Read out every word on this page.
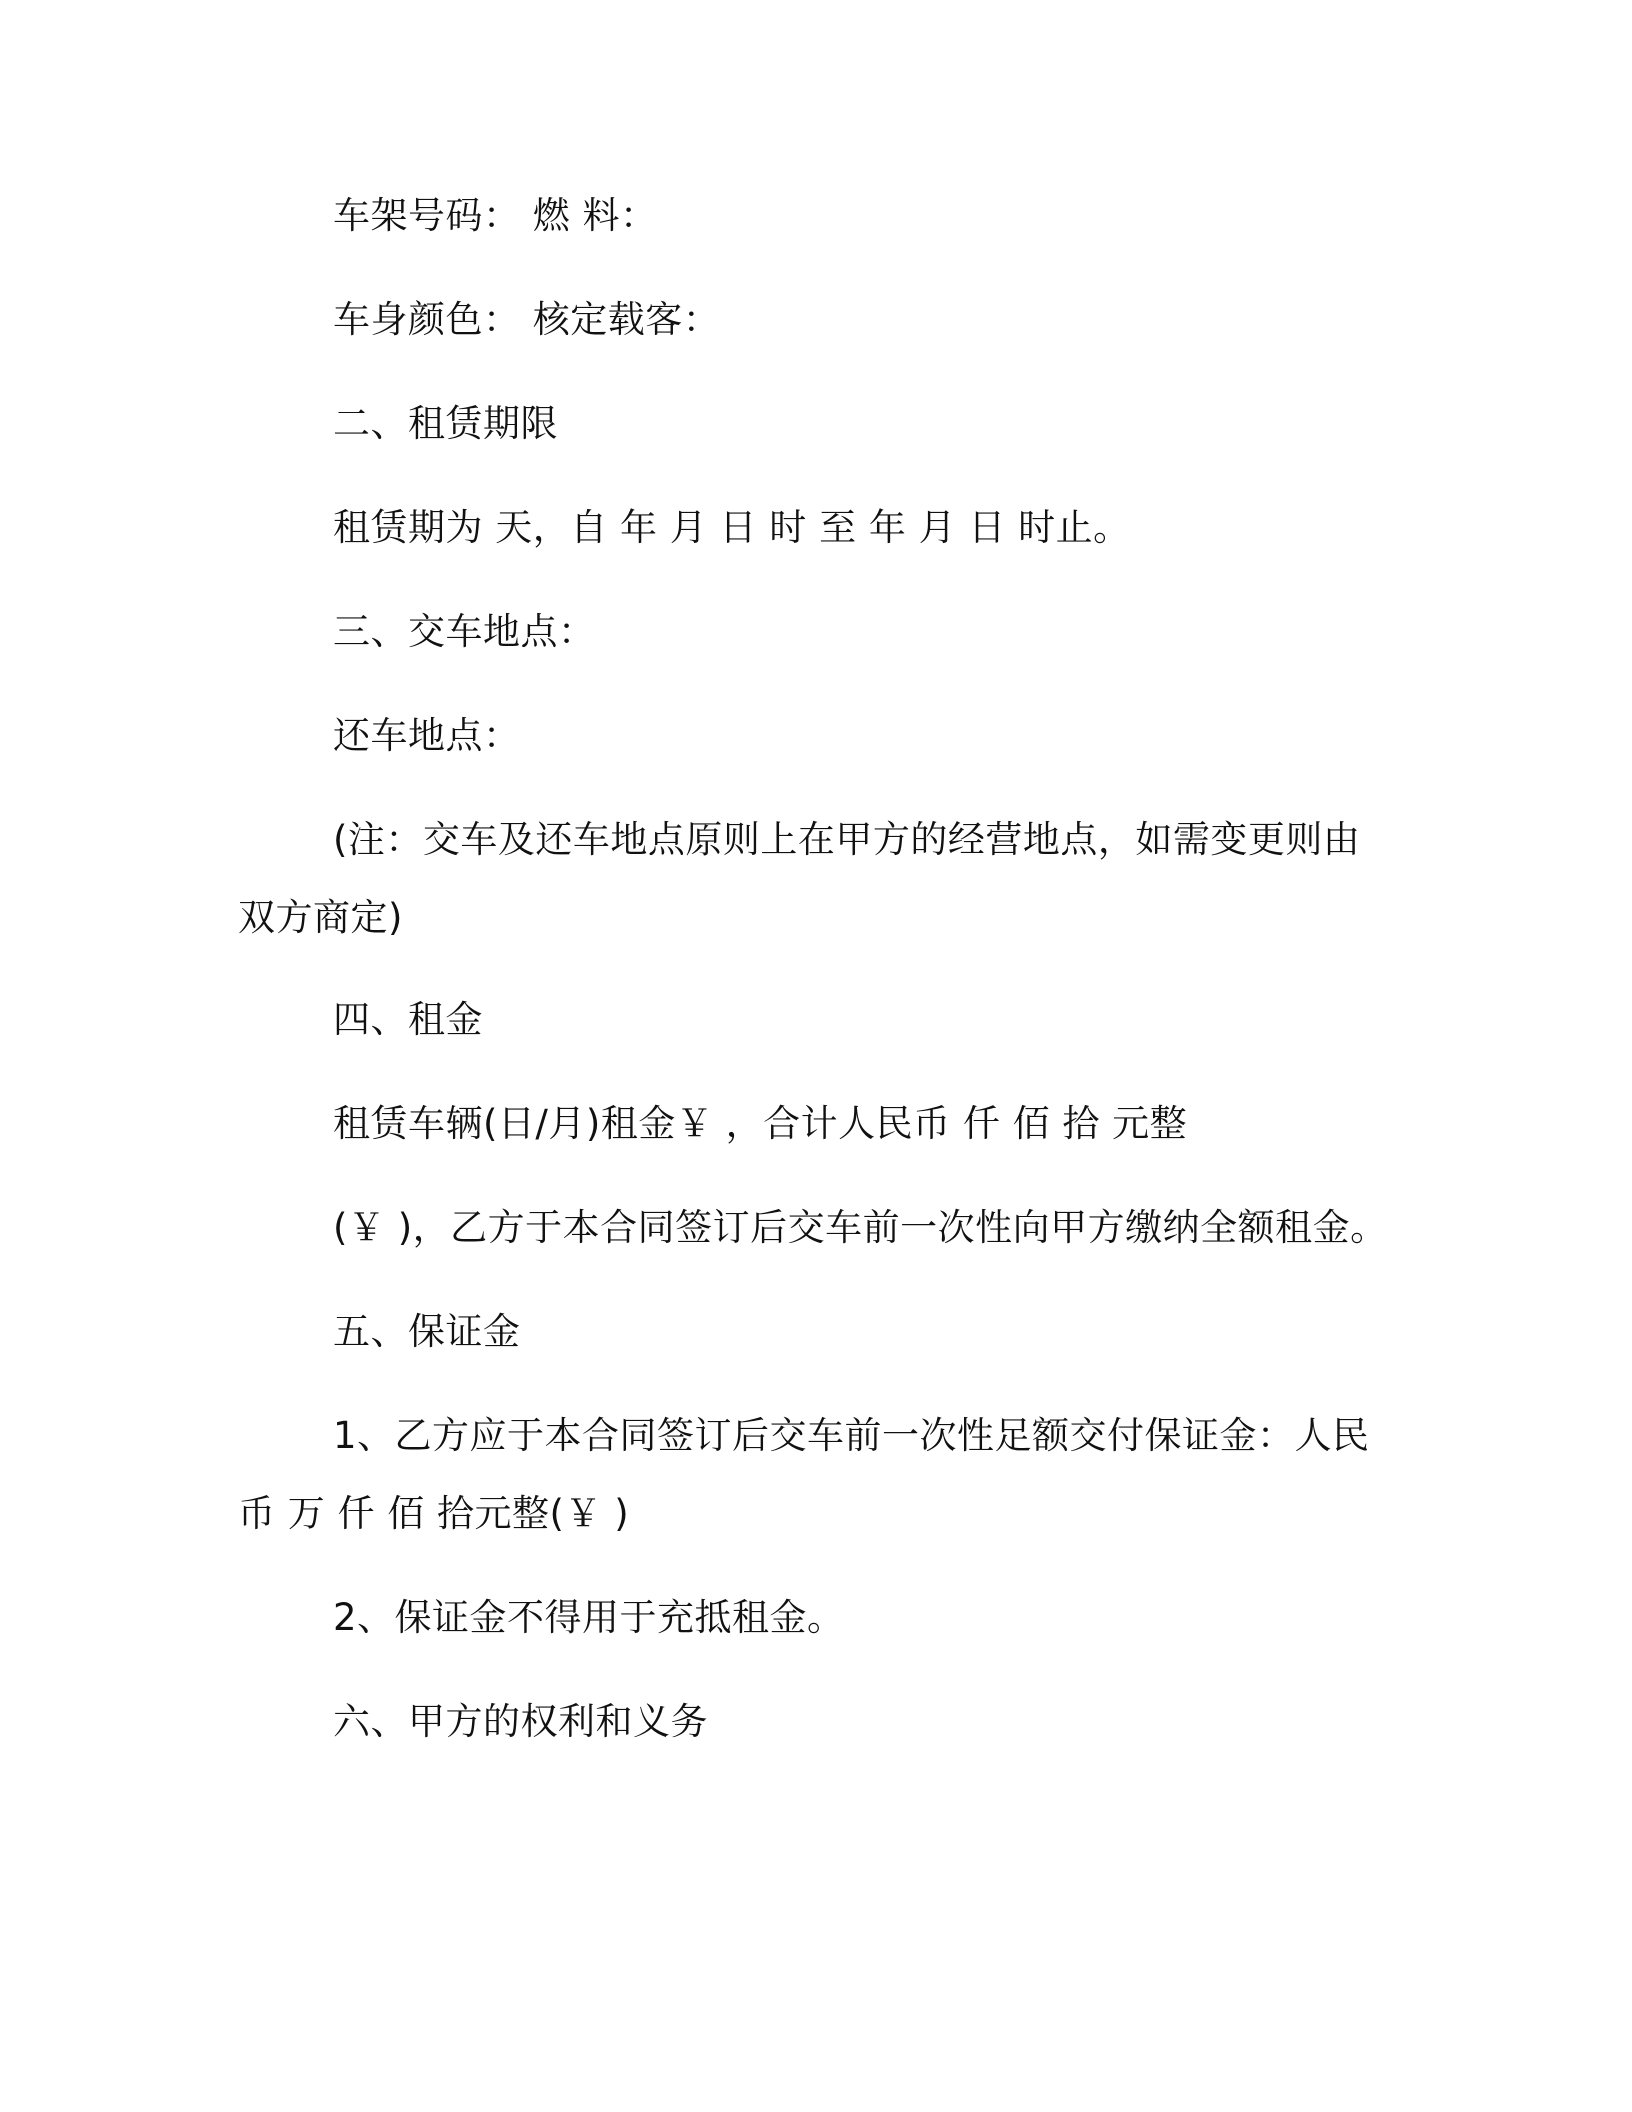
车架号码： 燃 料：
车身颜色： 核定载客：
二、租赁期限
租赁期为 天，自 年 月 日 时 至 年 月 日 时止。
三、交车地点：
还车地点：
(注：交车及还车地点原则上在甲方的经营地点，如需变更则由
双方商定)
四、租金
租赁车辆(日/月)租金￥ ，合计人民币 仟 佰 拾 元整
(￥ )，乙方于本合同签订后交车前一次性向甲方缴纳全额租金。
五、保证金
1、乙方应于本合同签订后交车前一次性足额交付保证金：人民
币 万 仟 佰 拾元整(￥ )
2、保证金不得用于充抵租金。
六、甲方的权利和义务
